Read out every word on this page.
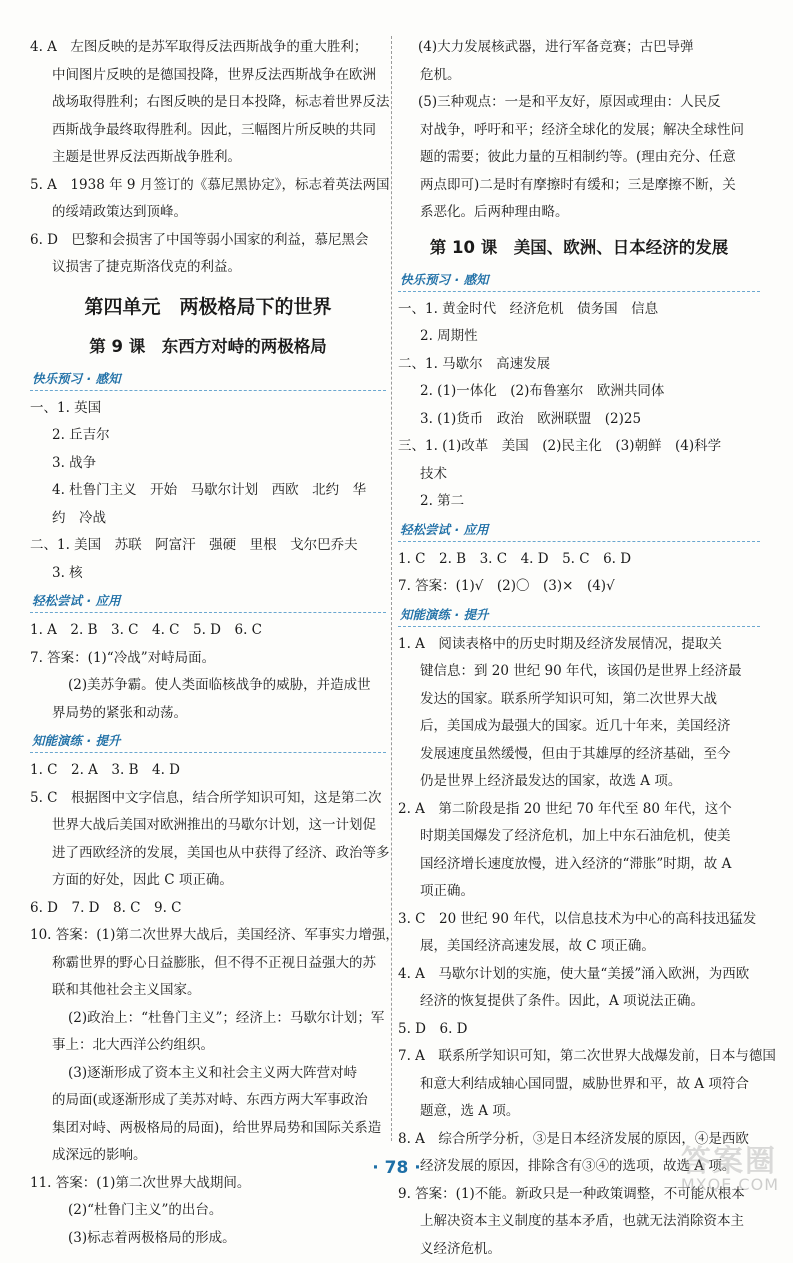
4. A　左图反映的是苏军取得反法西斯战争的重大胜利；
中间图片反映的是德国投降，世界反法西斯战争在欧洲
战场取得胜利；右图反映的是日本投降，标志着世界反法
西斯战争最终取得胜利。因此，三幅图片所反映的共同
主题是世界反法西斯战争胜利。
5. A　1938 年 9 月签订的《慕尼黑协定》，标志着英法两国
的绥靖政策达到顶峰。
6. D　巴黎和会损害了中国等弱小国家的利益，慕尼黑会
议损害了捷克斯洛伐克的利益。
第四单元　两极格局下的世界
第 9 课　东西方对峙的两极格局
快乐预习 · 感知
一、1. 英国
2. 丘吉尔
3. 战争
4. 杜鲁门主义　开始　马歇尔计划　西欧　北约　华
约　冷战
二、1. 美国　苏联　阿富汗　强硬　里根　戈尔巴乔夫
3. 核
轻松尝试 · 应用
1. A　2. B　3. C　4. C　5. D　6. C
7. 答案：(1)“冷战”对峙局面。
(2)美苏争霸。使人类面临核战争的威胁，并造成世
界局势的紧张和动荡。
知能演练 · 提升
1. C　2. A　3. B　4. D
5. C　根据图中文字信息，结合所学知识可知，这是第二次
世界大战后美国对欧洲推出的马歇尔计划，这一计划促
进了西欧经济的发展，美国也从中获得了经济、政治等多
方面的好处，因此 C 项正确。
6. D　7. D　8. C　9. C
10. 答案：(1)第二次世界大战后，美国经济、军事实力增强，
称霸世界的野心日益膨胀，但不得不正视日益强大的苏
联和其他社会主义国家。
(2)政治上：“杜鲁门主义”；经济上：马歇尔计划；军
事上：北大西洋公约组织。
(3)逐渐形成了资本主义和社会主义两大阵营对峙
的局面(或逐渐形成了美苏对峙、东西方两大军事政治
集团对峙、两极格局的局面)，给世界局势和国际关系造
成深远的影响。
11. 答案：(1)第二次世界大战期间。
(2)“杜鲁门主义”的出台。
(3)标志着两极格局的形成。
(4)大力发展核武器，进行军备竞赛；古巴导弹
危机。
(5)三种观点：一是和平友好，原因或理由：人民反
对战争，呼吁和平；经济全球化的发展；解决全球性问
题的需要；彼此力量的互相制约等。(理由充分、任意
两点即可)二是时有摩擦时有缓和；三是摩擦不断，关
系恶化。后两种理由略。
第 10 课　美国、欧洲、日本经济的发展
快乐预习 · 感知
一、1. 黄金时代　经济危机　债务国　信息
2. 周期性
二、1. 马歇尔　高速发展
2. (1)一体化　(2)布鲁塞尔　欧洲共同体
3. (1)货币　政治　欧洲联盟　(2)25
三、1. (1)改革　美国　(2)民主化　(3)朝鲜　(4)科学
技术
2. 第二
轻松尝试 · 应用
1. C　2. B　3. C　4. D　5. C　6. D
7. 答案：(1)√　(2)〇　(3)×　(4)√
知能演练 · 提升
1. A　阅读表格中的历史时期及经济发展情况，提取关
键信息：到 20 世纪 90 年代，该国仍是世界上经济最
发达的国家。联系所学知识可知，第二次世界大战
后，美国成为最强大的国家。近几十年来，美国经济
发展速度虽然缓慢，但由于其雄厚的经济基础，至今
仍是世界上经济最发达的国家，故选 A 项。
2. A　第二阶段是指 20 世纪 70 年代至 80 年代，这个
时期美国爆发了经济危机，加上中东石油危机，使美
国经济增长速度放慢，进入经济的“滞胀”时期，故 A
项正确。
3. C　20 世纪 90 年代，以信息技术为中心的高科技迅猛发
展，美国经济高速发展，故 C 项正确。
4. A　马歇尔计划的实施，使大量“美援”涌入欧洲，为西欧
经济的恢复提供了条件。因此，A 项说法正确。
5. D　6. D
7. A　联系所学知识可知，第二次世界大战爆发前，日本与德国
和意大利结成轴心国同盟，威胁世界和平，故 A 项符合
题意，选 A 项。
8. A　综合所学分析，③是日本经济发展的原因，④是西欧
经济发展的原因，排除含有③④的选项，故选 A 项。
9. 答案：(1)不能。新政只是一种政策调整，不可能从根本
上解决资本主义制度的基本矛盾，也就无法消除资本主
义经济危机。
· 78 ·	答案圈
MXQE.COM
